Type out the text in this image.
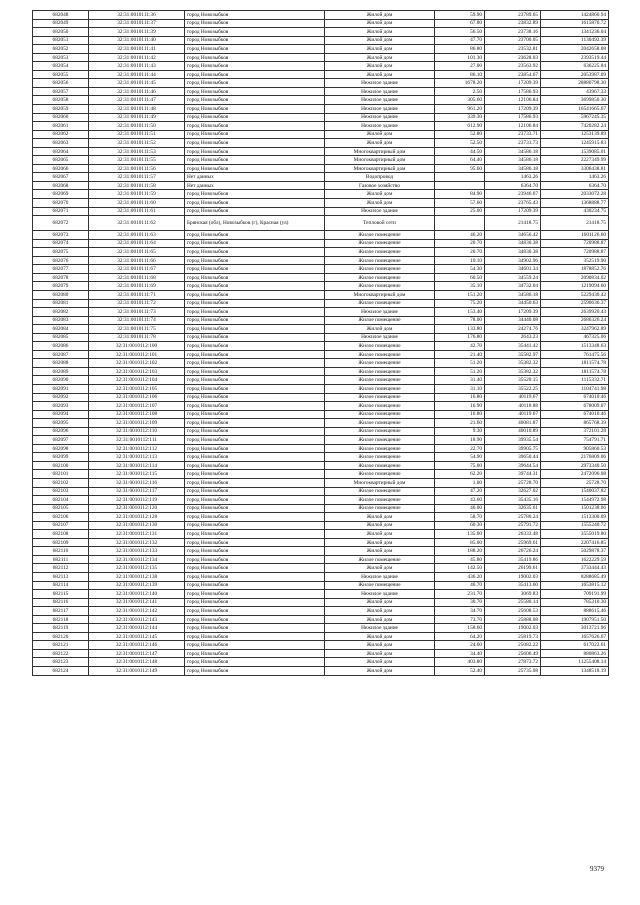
682048	32:31:0010111:36	город Новозыбков	Жилой дом	59.90	23789.65	1424860.94
682049	32:31:0010111:37	город Новозыбков	Жилой дом	67.80	23832.89	1615870.72
682050	32:31:0010111:39	город Новозыбков	Жилой дом	56.50	23738.16	1341236.04
682051	32:31:0010111:40	город Новозыбков	Жилой дом	47.70	23700.05	1130492.39
682052	32:31:0010111:41	город Новозыбков	Жилой дом	86.80	23532.81	2042658.08
682053	32:31:0010111:42	город Новозыбков	Жилой дом	101.30	23628.03	2393519.44
682054	32:31:0010111:43	город Новозыбков	Жилой дом	27.00	23563.92	636225.84
682055	32:31:0010111:44	город Новозыбков	Жилой дом	86.10	23854.67	2053987.09
682056	32:31:0010111:45	город Новозыбков	Нежилое здание	1678.20	17209.39	28880798.30
682057	32:31:0010111:46	город Новозыбков	Нежилое здание	2.50	17586.93	43967.33
682058	32:31:0010111:47	город Новозыбков	Нежилое здание	305.60	12106.84	3699850.30
682059	32:31:0010111:48	город Новозыбков	Нежилое здание	961.20	17209.39	16541665.67
682060	32:31:0010111:49	город Новозыбков	Нежилое здание	339.30	17586.93	5967245.35
682061	32:31:0010111:50	город Новозыбков	Нежилое здание	612.90	12106.84	7420282.24
682062	32:31:0010111:51	город Новозыбков	Жилой дом	52.80	23733.71	1253139.89
682063	32:31:0010111:52	город Новозыбков	Жилой дом	52.50	23731.73	1245915.83
682064	32:31:0010111:53	город Новозыбков	Многоквартирный дом	44.50	34586.18	1539085.01
682065	32:31:0010111:55	город Новозыбков	Многоквартирный дом	64.40	34586.18	2227349.99
682066	32:31:0010111:56	город Новозыбков	Многоквартирный дом	95.60	34586.18	3306438.81
682067	32:31:0010111:57	Нет данных	Водопровод		1463.26	1463.26
682068	32:31:0010111:58	Нет данных	Газовое хозяйство		6364.70	6364.70
682069	32:31:0010111:59	город Новозыбков	Жилой дом	84.90	23946.67	2033072.28
682070	32:31:0010111:60	город Новозыбков	Жилой дом	57.60	23765.43	1368888.77
682071	32:31:0010111:61	город Новозыбков	Нежилое здание	25.00	17209.39	430234.75
682072	32:31:0010111:62	Брянская (обл), Новозыбков (г), Красная (ул)	Тепловой сети		21418.75	21418.75
682073	32:31:0010111:63	город Новозыбков	Жилое помещение	46.20	34656.42	1601126.60
682074	32:31:0010111:64	город Новозыбков	Жилое помещение	20.70	34830.38	720988.87
682075	32:31:0010111:65	город Новозыбков	Жилое помещение	20.70	34830.38	720988.87
682076	32:31:0010111:66	город Новозыбков	Жилое помещение	10.10	34902.96	352519.90
682077	32:31:0010111:67	город Новозыбков	Жилое помещение	54.30	34601.34	1878852.76
682078	32:31:0010111:68	город Новозыбков	Жилое помещение	60.50	34559.24	2090834.02
682079	32:31:0010111:69	город Новозыбков	Жилое помещение	35.10	34732.04	1219094.60
682080	32:31:0010111:71	город Новозыбков	Многоквартирный дом	151.20	34586.18	5229430.42
682081	32:31:0010111:72	город Новозыбков	Жилое помещение	75.20	34450.63	2590636.37
682082	32:31:0010111:73	город Новозыбков	Нежилое здание	153.40	17209.39	2639920.43
682083	32:31:0010111:74	город Новозыбков	Жилое помещение	78.00	34440.08	2686326.24
682084	32:31:0010111:75	город Новозыбков	Жилой дом	133.80	24274.76	3247962.89
682085	32:31:0010111:78	город Новозыбков	Нежилое здание	176.80	2643.23	467325.06
682086	32:31:0010112:100	город Новозыбков	Жилое помещение	42.70	35441.42	1513348.63
682087	32:31:0010112:101	город Новозыбков	Жилое помещение	21.40	35582.97	761475.56
682088	32:31:0010112:102	город Новозыбков	Жилое помещение	51.20	35382.32	1811574.78
682089	32:31:0010112:103	город Новозыбков	Жилое помещение	51.20	35382.32	1811574.78
682090	32:31:0010112:104	город Новозыбков	Жилое помещение	31.40	35520.15	1115332.71
682091	32:31:0010112:105	город Новозыбков	Жилое помещение	31.10	35522.25	1104741.98
682092	32:31:0010112:106	город Новозыбков	Жилое помещение	16.80	40119.67	674010.46
682093	32:31:0010112:107	город Новозыбков	Жилое помещение	16.90	40118.88	678009.07
682094	32:31:0010112:108	город Новозыбков	Жилое помещение	16.80	40119.67	674010.46
682095	32:31:0010112:109	город Новозыбков	Жилое помещение	21.60	40081.87	865768.39
682096	32:31:0010112:110	город Новозыбков	Жилое помещение	9.30	40010.89	372101.28
682097	32:31:0010112:111	город Новозыбков	Жилое помещение	18.90	39935.54	754791.71
682098	32:31:0010112:112	город Новозыбков	Жилое помещение	22.70	39905.75	905860.53
682099	32:31:0010112:113	город Новозыбков	Жилое помещение	54.90	39650.44	2176809.06
682100	32:31:0010112:114	город Новозыбков	Жилое помещение	75.00	39644.54	2973340.50
682101	32:31:0010112:115	город Новозыбков	Жилое помещение	62.20	39744.31	2472096.08
682102	32:31:0010112:116	город Новозыбков	Многоквартирный дом	1.00	25728.70	25728.70
682103	32:31:0010112:117	город Новозыбков	Жилое помещение	47.20	32627.02	1540037.82
682104	32:31:0010112:119	город Новозыбков	Жилое помещение	43.60	35435.16	1544972.98
682105	32:31:0010112:120	город Новозыбков	Жилое помещение	46.00	32635.61	1501238.06
682106	32:31:0010112:128	город Новозыбков	Жилой дом	58.70	25780.24	1513300.09
682107	32:31:0010112:130	город Новозыбков	Жилой дом	60.30	25791.72	1555240.72
682108	32:31:0010112:131	город Новозыбков	Жилой дом	135.00	26333.48	3555019.80
682109	32:31:0010112:132	город Новозыбков	Жилой дом	85.00	25969.61	2207416.85
682110	32:31:0010112:133	город Новозыбков	Жилой дом	188.20	26726.24	5029878.37
682111	32:31:0010112:134	город Новозыбков	Жилое помещение	45.80	35419.86	1622229.59
682112	32:31:0010112:135	город Новозыбков	Жилой дом	142.50	26199.61	3733444.43
682113	32:31:0010112:138	город Новозыбков	Нежилое здание	436.20	19002.03	8288685.49
682114	32:31:0010112:139	город Новозыбков	Жилое помещение	46.70	35413.60	1653815.12
682115	32:31:0010112:140	город Новозыбков	Нежилое здание	231.70	3069.83	709191.99
682116	32:31:0010112:141	город Новозыбков	Жилой дом	30.70	25580.14	785310.30
682117	32:31:0010112:142	город Новозыбков	Жилой дом	34.70	25608.53	888615.46
682118	32:31:0010112:143	город Новозыбков	Жилой дом	73.70	25888.08	1907951.50
682119	32:31:0010112:144	город Новозыбков	Нежилое здание	158.60	19002.03	3013721.96
682120	32:31:0010112:145	город Новозыбков	Жилой дом	64.20	25819.73	1657626.67
682121	32:31:0010112:146	город Новозыбков	Жилой дом	24.60	25082.22	617022.61
682122	32:31:0010112:147	город Новозыбков	Жилой дом	34.40	25606.49	880863.26
682123	32:31:0010112:148	город Новозыбков	Жилой дом	403.80	27873.72	11255408.14
682124	32:31:0010112:149	город Новозыбков	Жилой дом	52.40	25735.08	1348518.19
9379
